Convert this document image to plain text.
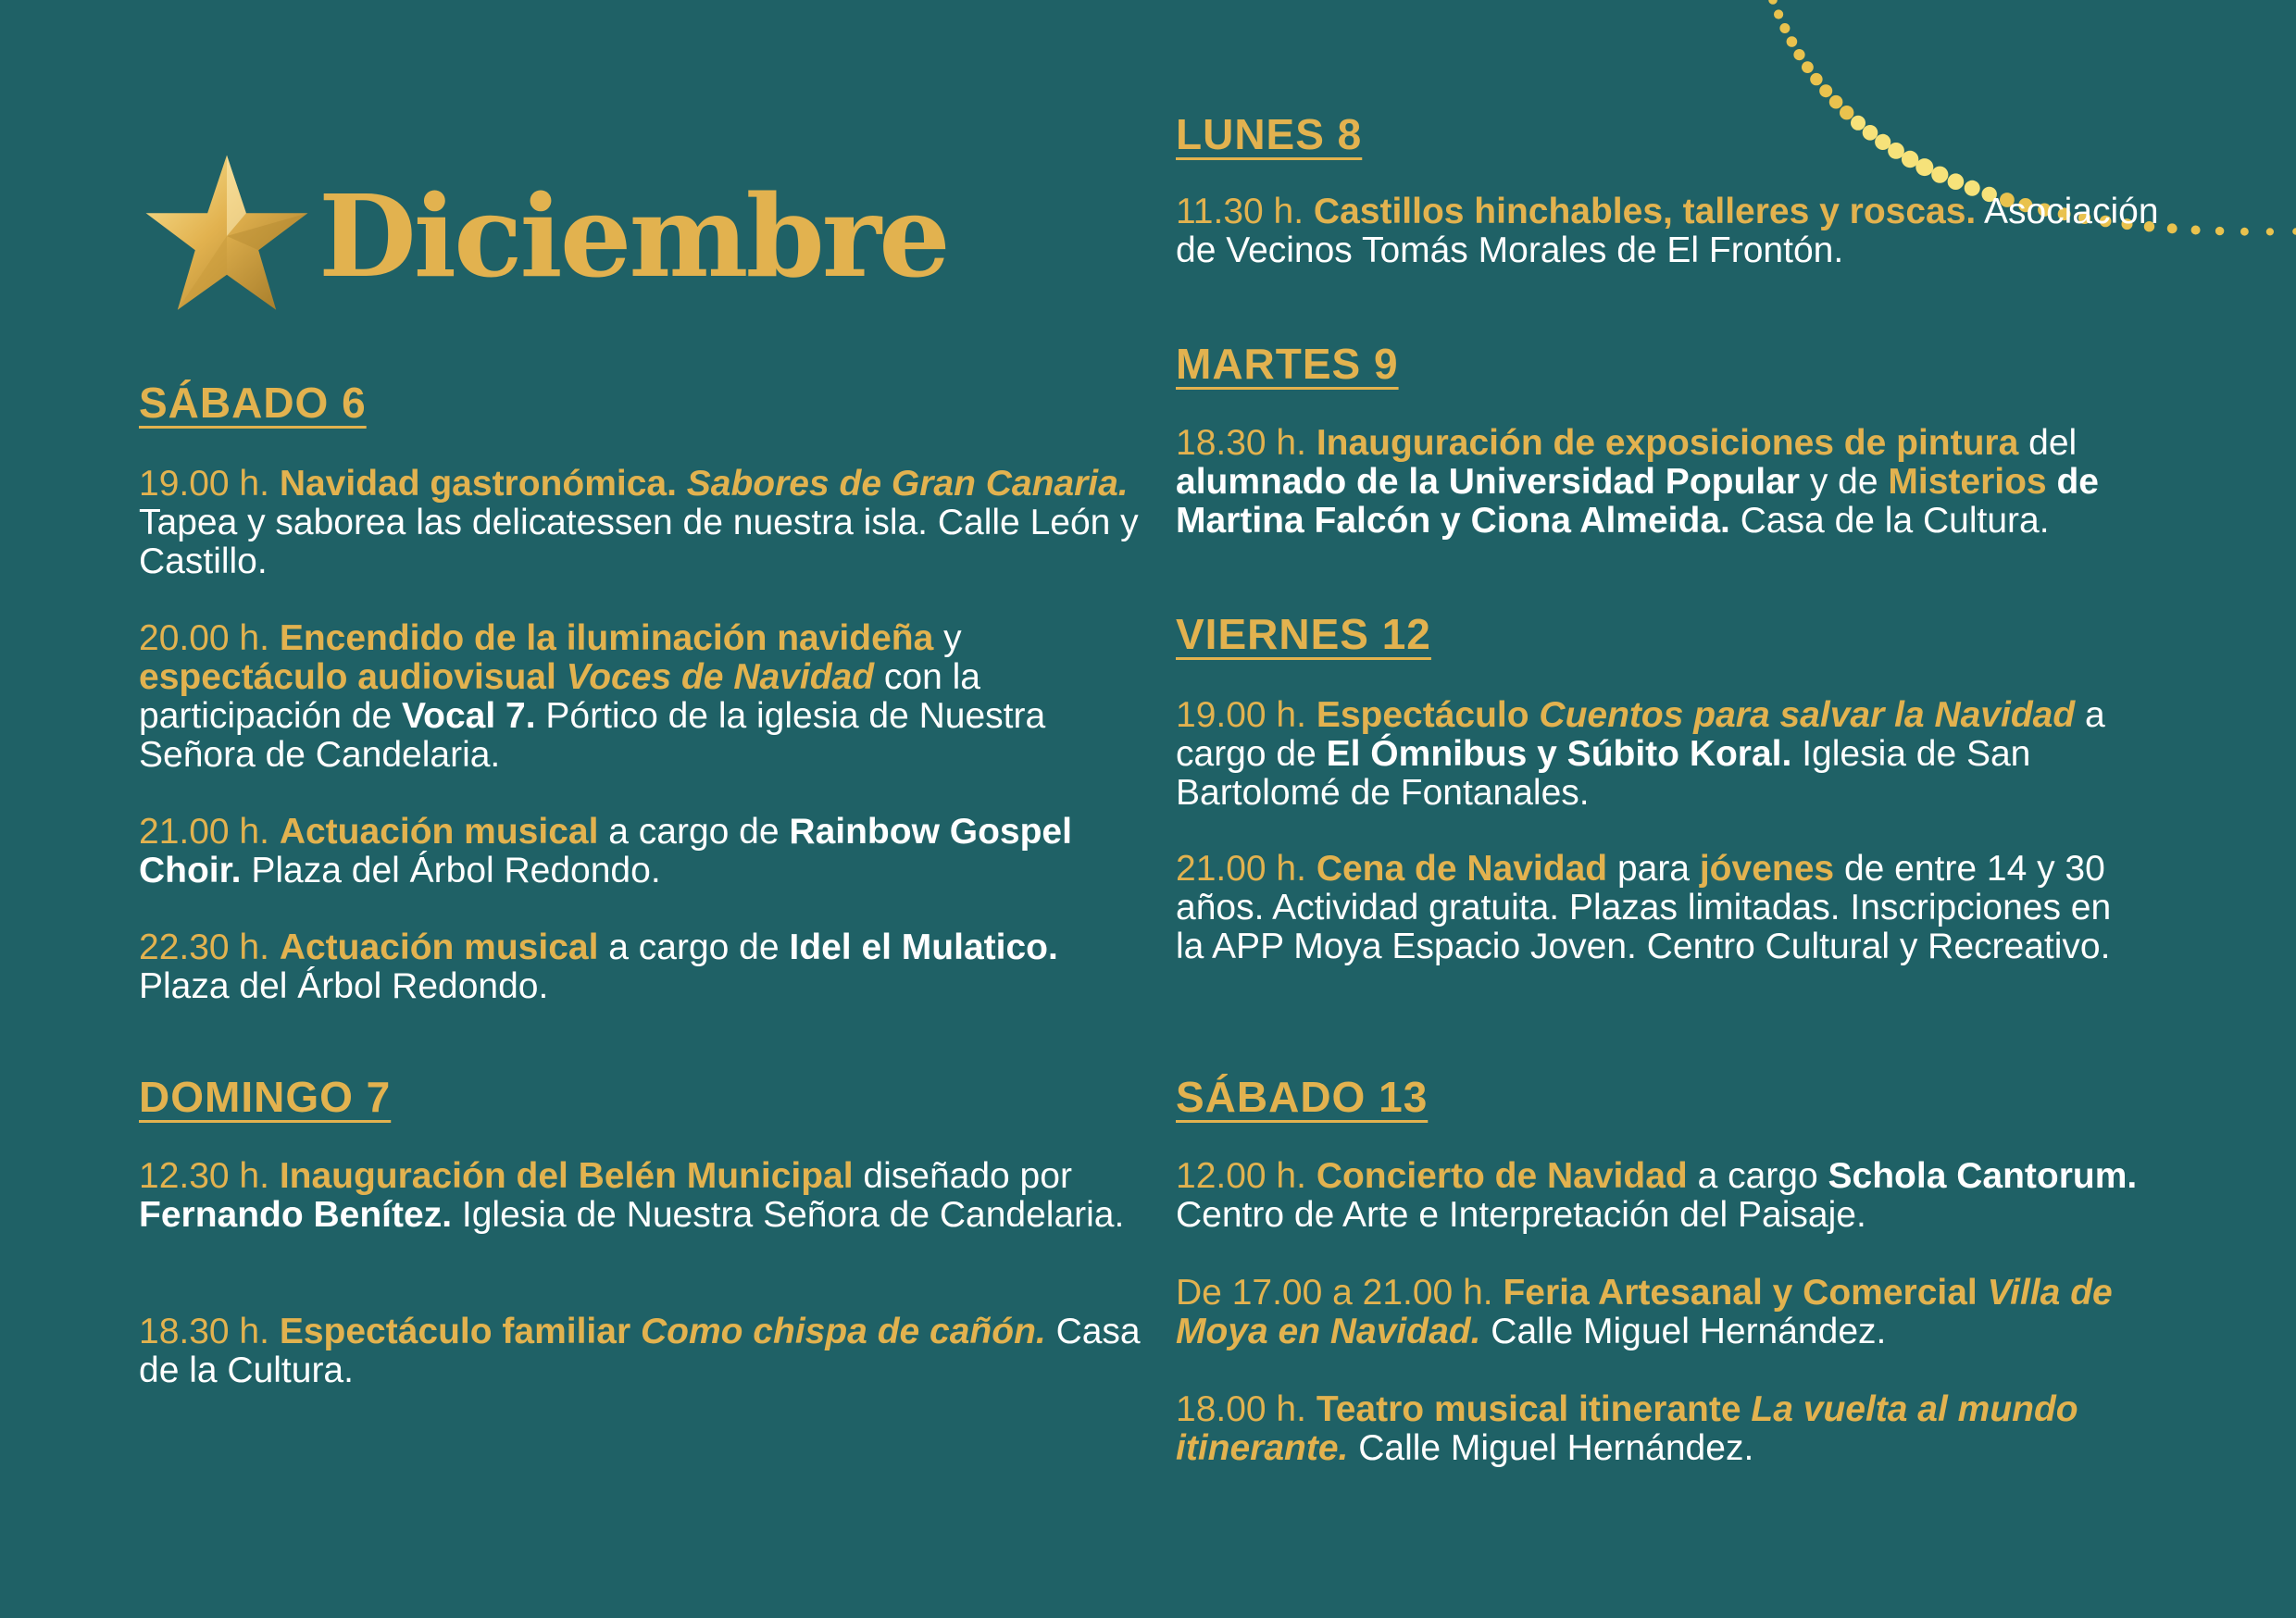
Diciembre
SÁBADO 6

19.00 h. Navidad gastronómica. Sabores de Gran Canaria. Tapea y saborea las delicatessen de nuestra isla. Calle León y Castillo.

20.00 h. Encendido de la iluminación navideña y espectáculo audiovisual Voces de Navidad con la participación de Vocal 7. Pórtico de la iglesia de Nuestra Señora de Candelaria.

21.00 h. Actuación musical a cargo de Rainbow Gospel Choir. Plaza del Árbol Redondo.

22.30 h. Actuación musical a cargo de Idel el Mulatico. Plaza del Árbol Redondo.

DOMINGO 7

12.30 h. Inauguración del Belén Municipal diseñado por Fernando Benítez. Iglesia de Nuestra Señora de Candelaria.

18.30 h. Espectáculo familiar Como chispa de cañón. Casa de la Cultura.

LUNES 8

11.30 h. Castillos hinchables, talleres y roscas. Asociación de Vecinos Tomás Morales de El Frontón.

MARTES 9

18.30 h. Inauguración de exposiciones de pintura del alumnado de la Universidad Popular y de Misterios de Martina Falcón y Ciona Almeida. Casa de la Cultura.

VIERNES 12

19.00 h. Espectáculo Cuentos para salvar la Navidad a cargo de El Ómnibus y Súbito Koral. Iglesia de San Bartolomé de Fontanales.

21.00 h. Cena de Navidad para jóvenes de entre 14 y 30 años. Actividad gratuita. Plazas limitadas. Inscripciones en la APP Moya Espacio Joven. Centro Cultural y Recreativo.

SÁBADO 13

12.00 h. Concierto de Navidad a cargo Schola Cantorum. Centro de Arte e Interpretación del Paisaje.

De 17.00 a 21.00 h. Feria Artesanal y Comercial Villa de Moya en Navidad. Calle Miguel Hernández.

18.00 h. Teatro musical itinerante La vuelta al mundo itinerante. Calle Miguel Hernández.
